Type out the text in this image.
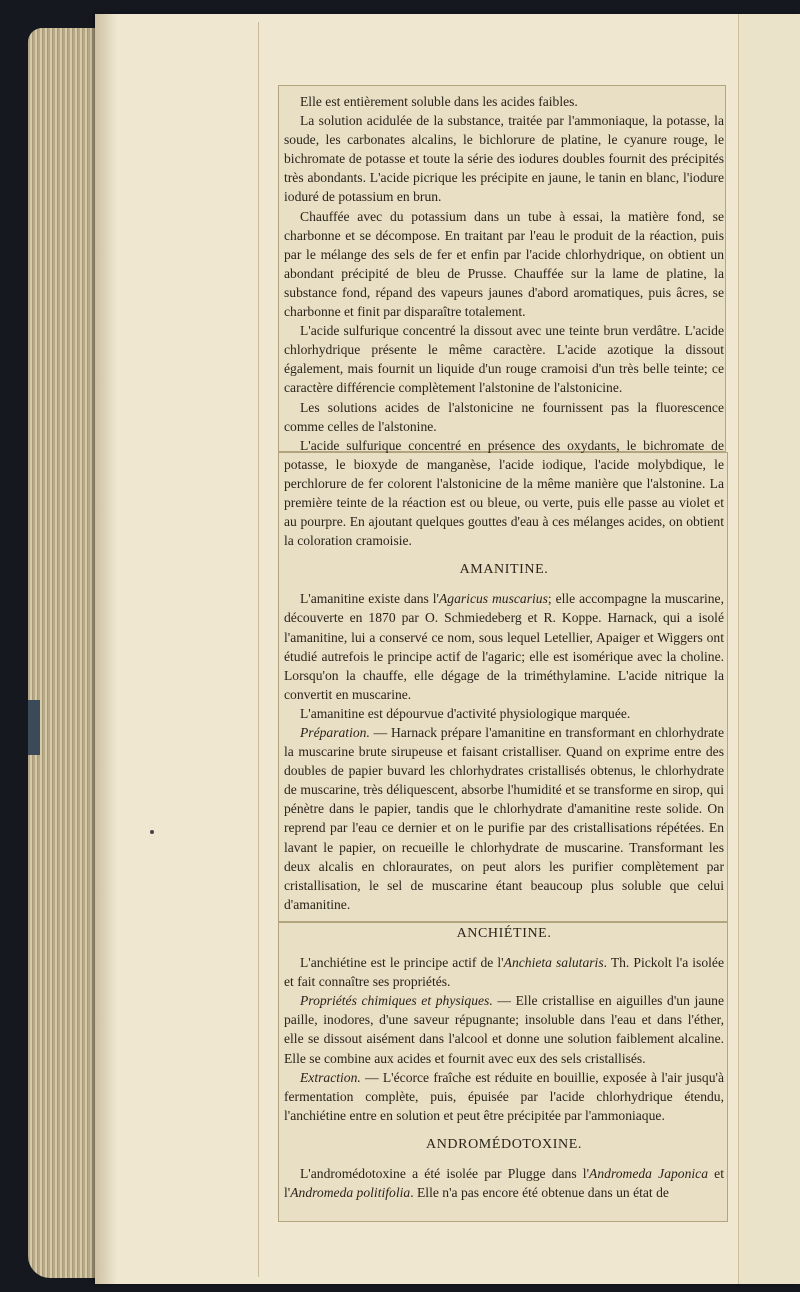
Elle est entièrement soluble dans les acides faibles.

La solution acidulée de la substance, traitée par l'ammoniaque, la potasse, la soude, les carbonates alcalins, le bichlorure de platine, le cyanure rouge, le bichromate de potasse et toute la série des iodures doubles fournit des précipités très abondants. L'acide picrique les précipite en jaune, le tanin en blanc, l'iodure ioduré de potassium en brun.

Chauffée avec du potassium dans un tube à essai, la matière fond, se charbonne et se décompose. En traitant par l'eau le produit de la réaction, puis par le mélange des sels de fer et enfin par l'acide chlorhydrique, on obtient un abondant précipité de bleu de Prusse. Chauffée sur la lame de platine, la substance fond, répand des vapeurs jaunes d'abord aromatiques, puis âcres, se charbonne et finit par disparaître totalement.

L'acide sulfurique concentré la dissout avec une teinte brun verdâtre. L'acide chlorhydrique présente le même caractère. L'acide azotique la dissout également, mais fournit un liquide d'un rouge cramoisi d'un très belle teinte; ce caractère différencie complètement l'alstonine de l'alstonicine.

Les solutions acides de l'alstonicine ne fournissent pas la fluorescence comme celles de l'alstonine.

L'acide sulfurique concentré en présence des oxydants, le bichromate de potasse, le bioxyde de manganèse, l'acide iodique, l'acide molybdique, le perchlorure de fer colorent l'alstonicine de la même manière que l'alstonine. La première teinte de la réaction est ou bleue, ou verte, puis elle passe au violet et au pourpre. En ajoutant quelques gouttes d'eau à ces mélanges acides, on obtient la coloration cramoisie.

AMANITINE.

L'amanitine existe dans l'Agaricus muscarius; elle accompagne la muscarine, découverte en 1870 par O. Schmiedeberg et R. Koppe. Harnack, qui a isolé l'amanitine, lui a conservé ce nom, sous lequel Letellier, Apaiger et Wiggers ont étudié autrefois le principe actif de l'agaric; elle est isomérique avec la choline. Lorsqu'on la chauffe, elle dégage de la triméthylamine. L'acide nitrique la convertit en muscarine.

L'amanitine est dépourvue d'activité physiologique marquée.

Préparation. — Harnack prépare l'amanitine en transformant en chlorhydrate la muscarine brute sirupeuse et faisant cristalliser. Quand on exprime entre des doubles de papier buvard les chlorhydrates cristallisés obtenus, le chlorhydrate de muscarine, très déliquescent, absorbe l'humidité et se transforme en sirop, qui pénètre dans le papier, tandis que le chlorhydrate d'amanitine reste solide. On reprend par l'eau ce dernier et on le purifie par des cristallisations répétées. En lavant le papier, on recueille le chlorhydrate de muscarine. Transformant les deux alcalis en chloraurates, on peut alors les purifier complètement par cristallisation, le sel de muscarine étant beaucoup plus soluble que celui d'amanitine.

ANCHIÉTINE.

L'anchiétine est le principe actif de l'Anchieta salutaris. Th. Pickolt l'a isolée et fait connaître ses propriétés.

Propriétés chimiques et physiques. — Elle cristallise en aiguilles d'un jaune paille, inodores, d'une saveur répugnante; insoluble dans l'eau et dans l'éther, elle se dissout aisément dans l'alcool et donne une solution faiblement alcaline. Elle se combine aux acides et fournit avec eux des sels cristallisés.

Extraction. — L'écorce fraîche est réduite en bouillie, exposée à l'air jusqu'à fermentation complète, puis, épuisée par l'acide chlorhydrique étendu, l'anchiétine entre en solution et peut être précipitée par l'ammoniaque.

ANDROMÉDOTOXINE.

L'andromédotoxine a été isolée par Plugge dans l'Andromeda Japonica et l'Andromeda politifolia. Elle n'a pas encore été obtenue dans un état de
